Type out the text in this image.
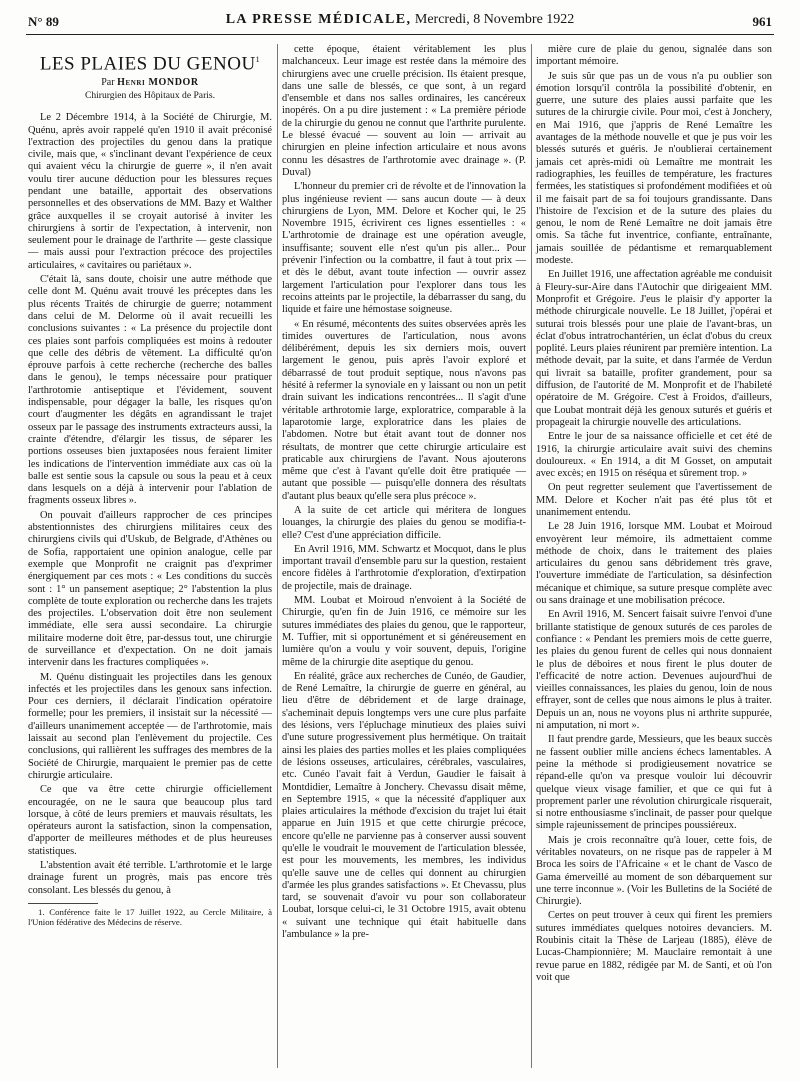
N° 89	LA PRESSE MÉDICALE, Mercredi, 8 Novembre 1922	961
LES PLAIES DU GENOU$^1$
Par Henri MONDOR
Chirurgien des Hôpitaux de Paris.

Le 2 Décembre 1914, à la Société de Chirurgie, M. Quénu, après avoir rappelé qu'en 1910 il avait préconisé l'extraction des projectiles du genou dans la pratique civile, mais que, « s'inclinant devant l'expérience de ceux qui avaient vécu la chirurgie de guerre », il n'en avait voulu tirer aucune déduction pour les blessures reçues pendant une bataille, apportait des observations personnelles et des observations de MM. Bazy et Walther grâce auxquelles il se croyait autorisé à inviter les chirurgiens à sortir de l'expectation, à intervenir, non seulement pour le drainage de l'arthrite — geste classique — mais aussi pour l'extraction précoce des projectiles articulaires, « cavitaires ou pariétaux ».

C'était là, sans doute, choisir une autre méthode que celle dont M. Quénu avait trouvé les préceptes dans les plus récents Traités de chirurgie de guerre; notamment dans celui de M. Delorme où il avait recueilli les conclusions suivantes : « La présence du projectile dont ces plaies sont parfois compliquées est moins à redouter que celle des débris de vêtement. La difficulté qu'on éprouve parfois à cette recherche (recherche des balles dans le genou), le temps nécessaire pour pratiquer l'arthrotomie antiseptique et l'évidement, souvent indispensable, pour dégager la balle, les risques qu'on court d'augmenter les dégâts en agrandissant le trajet osseux par le passage des instruments extracteurs aussi, la crainte d'étendre, d'élargir les tissus, de séparer les portions osseuses bien juxtaposées nous feraient limiter les indications de l'intervention immédiate aux cas où la balle est sentie sous la capsule ou sous la peau et à ceux dans lesquels on a déjà à intervenir pour l'ablation de fragments osseux libres ».

On pouvait d'ailleurs rapprocher de ces principes abstentionnistes des chirurgiens militaires ceux des chirurgiens civils qui d'Uskub, de Belgrade, d'Athènes ou de Sofia, rapportaient une opinion analogue, celle par exemple que Monprofit ne craignit pas d'exprimer énergiquement par ces mots : « Les conditions du succès sont : 1° un pansement aseptique; 2° l'abstention la plus complète de toute exploration ou recherche dans les trajets des projectiles. L'observation doit être non seulement immédiate, elle sera aussi secondaire. La chirurgie militaire moderne doit être, par-dessus tout, une chirurgie de surveillance et d'expectation. On ne doit jamais intervenir dans les fractures compliquées ».

M. Quénu distinguait les projectiles dans les genoux infectés et les projectiles dans les genoux sans infection. Pour ces derniers, il déclarait l'indication opératoire formelle; pour les premiers, il insistait sur la nécessité — d'ailleurs unanimement acceptée — de l'arthrotomie, mais laissait au second plan l'enlèvement du projectile. Ces conclusions, qui rallièrent les suffrages des membres de la Société de Chirurgie, marquaient le premier pas de cette chirurgie articulaire.

Ce que va être cette chirurgie officiellement encouragée, on ne le saura que beaucoup plus tard lorsque, à côté de leurs premiers et mauvais résultats, les opérateurs auront la satisfaction, sinon la compensation, d'apporter de meilleures méthodes et de plus heureuses statistiques.

L'abstention avait été terrible. L'arthrotomie et le large drainage furent un progrès, mais pas encore très consolant. Les blessés du genou, à

1. Conférence faite le 17 Juillet 1922, au Cercle Militaire, à l'Union fédérative des Médecins de réserve.

cette époque, étaient véritablement les plus malchanceux. Leur image est restée dans la mémoire des chirurgiens avec une cruelle précision. Ils étaient presque, dans une salle de blessés, ce que sont, à un regard d'ensemble et dans nos salles ordinaires, les cancéreux inopérés. On a pu dire justement : « La première période de la chirurgie du genou ne connut que l'arthrite purulente. Le blessé évacué — souvent au loin — arrivait au chirurgien en pleine infection articulaire et nous avons connu les désastres de l'arthrotomie avec drainage ». (P. Duval)

L'honneur du premier cri de révolte et de l'innovation la plus ingénieuse revient — sans aucun doute — à deux chirurgiens de Lyon, MM. Delore et Kocher qui, le 25 Novembre 1915, écrivirent ces lignes essentielles : « L'arthrotomie de drainage est une opération aveugle, insuffisante; souvent elle n'est qu'un pis aller... Pour prévenir l'infection ou la combattre, il faut à tout prix — et dès le début, avant toute infection — ouvrir assez largement l'articulation pour l'explorer dans tous les recoins atteints par le projectile, la débarrasser du sang, du liquide et faire une hémostase soigneuse.

« En résumé, mécontents des suites observées après les timides ouvertures de l'articulation, nous avons délibérément, depuis les six derniers mois, ouvert largement le genou, puis après l'avoir exploré et débarrassé de tout produit septique, nous n'avons pas hésité à refermer la synoviale en y laissant ou non un petit drain suivant les indications rencontrées... Il s'agit d'une véritable arthrotomie large, exploratrice, comparable à la laparotomie large, exploratrice dans les plaies de l'abdomen. Notre but était avant tout de donner nos résultats, de montrer que cette chirurgie articulaire est praticable aux chirurgiens de l'avant. Nous ajouterons même que c'est à l'avant qu'elle doit être pratiquée — autant que possible — puisqu'elle donnera des résultats d'autant plus beaux qu'elle sera plus précoce ».

A la suite de cet article qui méritera de longues louanges, la chirurgie des plaies du genou se modifia-t-elle? C'est d'une appréciation difficile.

En Avril 1916, MM. Schwartz et Mocquot, dans le plus important travail d'ensemble paru sur la question, restaient encore fidèles à l'arthrotomie d'exploration, d'extirpation de projectile, mais de drainage.

MM. Loubat et Moiroud n'envoient à la Société de Chirurgie, qu'en fin de Juin 1916, ce mémoire sur les sutures immédiates des plaies du genou, que le rapporteur, M. Tuffier, mit si opportunément et si généreusement en lumière qu'on a voulu y voir souvent, depuis, l'origine même de la chirurgie dite aseptique du genou.

En réalité, grâce aux recherches de Cunéo, de Gaudier, de René Lemaître, la chirurgie de guerre en général, au lieu d'être de débridement et de large drainage, s'acheminait depuis longtemps vers une cure plus parfaite des lésions, vers l'épluchage minutieux des plaies suivi d'une suture progressivement plus hermétique. On traitait ainsi les plaies des parties molles et les plaies compliquées de lésions osseuses, articulaires, cérébrales, vasculaires, etc. Cunéo l'avait fait à Verdun, Gaudier le faisait à Montdidier, Lemaître à Jonchery. Chevassu disait même, en Septembre 1915, « que la nécessité d'appliquer aux plaies articulaires la méthode d'excision du trajet lui était apparue en Juin 1915 et que cette chirurgie précoce, encore qu'elle ne parvienne pas à conserver aussi souvent qu'elle le voudrait le mouvement de l'articulation blessée, est pour les mouvements, les membres, les individus qu'elle sauve une de celles qui donnent au chirurgien d'armée les plus grandes satisfactions ». Et Chevassu, plus tard, se souvenait d'avoir vu pour son collaborateur Loubat, lorsque celui-ci, le 31 Octobre 1915, avait obtenu « suivant une technique qui était habituelle dans l'ambulance » la pre-

mière cure de plaie du genou, signalée dans son important mémoire.

Je suis sûr que pas un de vous n'a pu oublier son émotion lorsqu'il contrôla la possibilité d'obtenir, en guerre, une suture des plaies aussi parfaite que les sutures de la chirurgie civile. Pour moi, c'est à Jonchery, en Mai 1916, que j'appris de René Lemaître les avantages de la méthode nouvelle et que je pus voir les blessés suturés et guéris. Je n'oublierai certainement jamais cet après-midi où Lemaître me montrait les radiographies, les feuilles de température, les fractures fermées, les statistiques si profondément modifiées et où il me faisait part de sa foi toujours grandissante. Dans l'histoire de l'excision et de la suture des plaies du genou, le nom de René Lemaître ne doit jamais être omis. Sa tâche fut inventrice, confiante, entraînante, jamais souillée de pédantisme et remarquablement modeste.

En Juillet 1916, une affectation agréable me conduisit à Fleury-sur-Aire dans l'Autochir que dirigeaient MM. Monprofit et Grégoire. J'eus le plaisir d'y apporter la méthode chirurgicale nouvelle. Le 18 Juillet, j'opérai et suturai trois blessés pour une plaie de l'avant-bras, un éclat d'obus intratrochantérien, un éclat d'obus du creux poplité. Leurs plaies réunirent par première intention. La méthode devait, par la suite, et dans l'armée de Verdun qui livrait sa bataille, profiter grandement, pour sa diffusion, de l'autorité de M. Monprofit et de l'habileté opératoire de M. Grégoire. C'est à Froidos, d'ailleurs, que Loubat montrait déjà les genoux suturés et guéris et propageait la chirurgie nouvelle des articulations.

Entre le jour de sa naissance officielle et cet été de 1916, la chirurgie articulaire avait suivi des chemins douloureux. « En 1914, a dit M Gosset, on amputait avec excès; en 1915 on réséqua et sûrement trop. »

On peut regretter seulement que l'avertissement de MM. Delore et Kocher n'ait pas été plus tôt et unanimement entendu.

Le 28 Juin 1916, lorsque MM. Loubat et Moiroud envoyèrent leur mémoire, ils admettaient comme méthode de choix, dans le traitement des plaies articulaires du genou sans débridement très grave, l'ouverture immédiate de l'articulation, sa désinfection mécanique et chimique, sa suture presque complète avec ou sans drainage et une mobilisation précoce.

En Avril 1916, M. Sencert faisait suivre l'envoi d'une brillante statistique de genoux suturés de ces paroles de confiance : « Pendant les premiers mois de cette guerre, les plaies du genou furent de celles qui nous donnaient le plus de déboires et nous firent le plus douter de l'efficacité de notre action. Devenues aujourd'hui de vieilles connaissances, les plaies du genou, loin de nous effrayer, sont de celles que nous aimons le plus à traiter. Depuis un an, nous ne voyons plus ni arthrite suppurée, ni amputation, ni mort ».

Il faut prendre garde, Messieurs, que les beaux succès ne fassent oublier mille anciens échecs lamentables. A peine la méthode si prodigieusement novatrice se répand-elle qu'on va presque vouloir lui découvrir quelque vieux visage familier, et que ce qui fut à proprement parler une révolution chirurgicale risquerait, si notre enthousiasme s'inclinait, de passer pour quelque simple rajeunissement de principes poussiéreux.

Mais je crois reconnaître qu'à louer, cette fois, de véritables novateurs, on ne risque pas de rappeler à M Broca les soirs de l'Africaine « et le chant de Vasco de Gama émerveillé au moment de son débarquement sur une terre inconnue ». (Voir les Bulletins de la Société de Chirurgie).

Certes on peut trouver à ceux qui firent les premiers sutures immédiates quelques notoires devanciers. M. Roubinis citait la Thèse de Larjeau (1885), élève de Lucas-Championnière; M. Mauclaire remontait à une revue parue en 1882, rédigée par M. de Santi, et où l'on voit que
